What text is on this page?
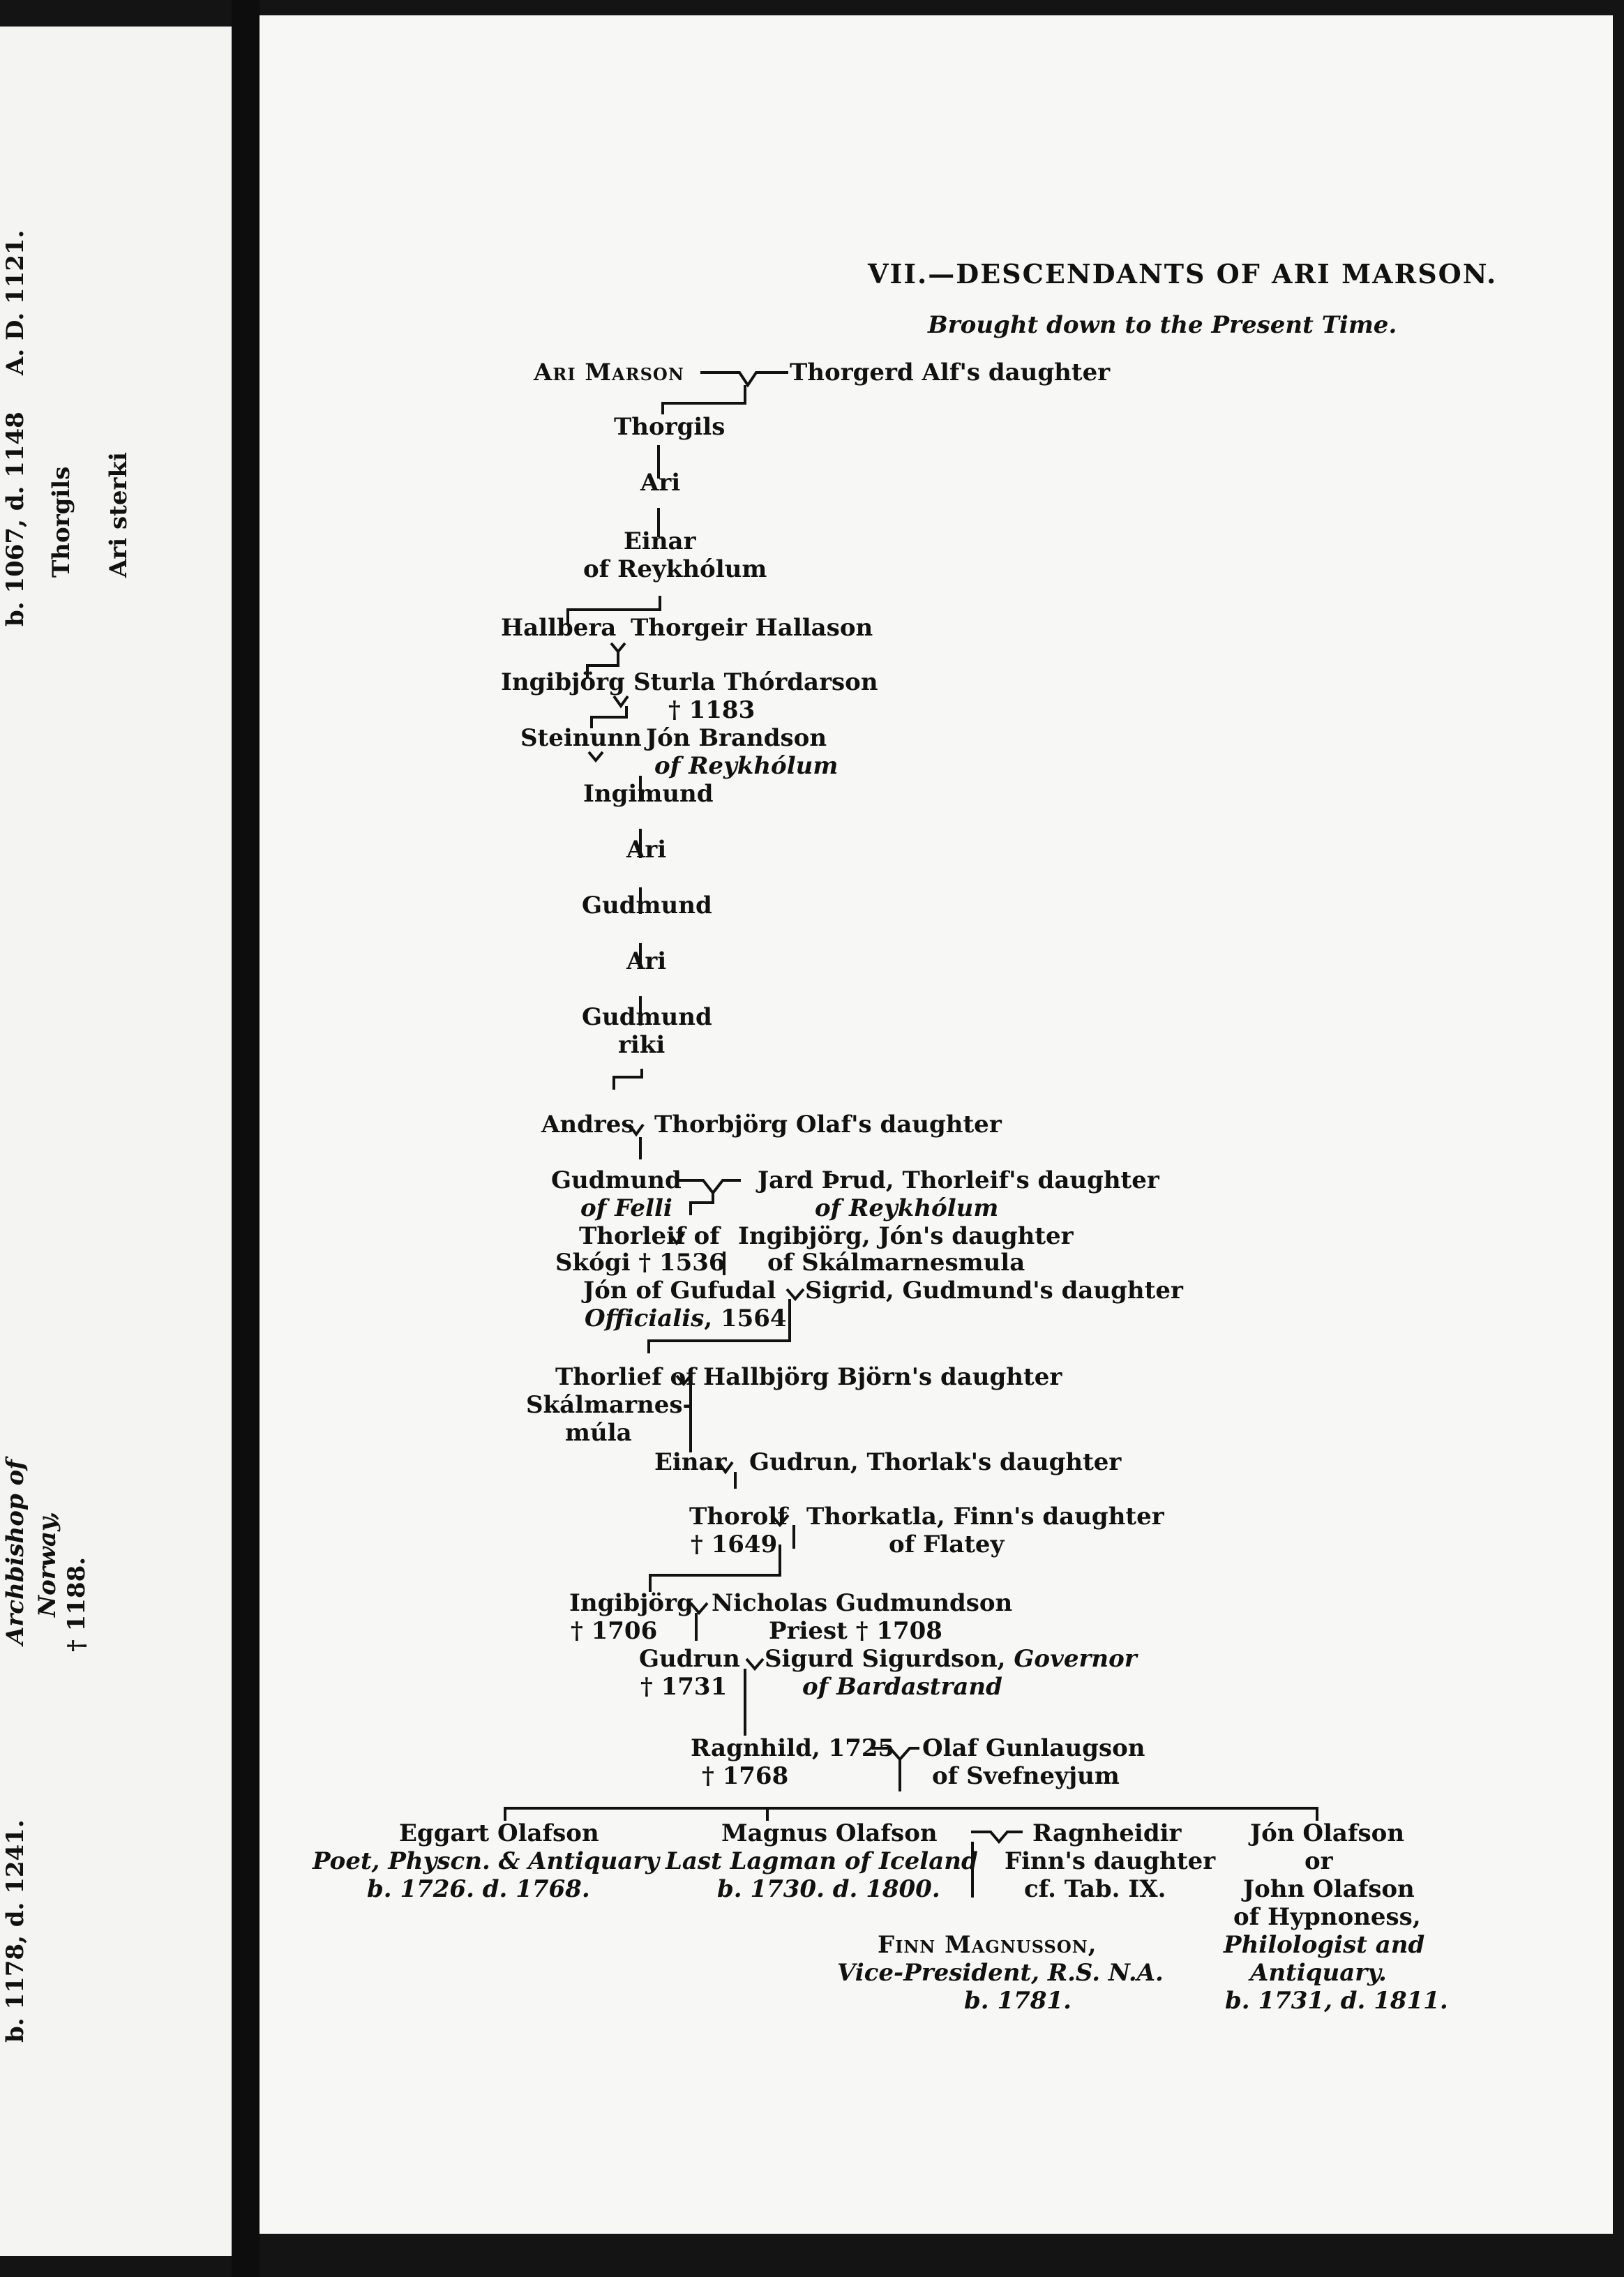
b. 1067, d. 1148
A. D. 1121.
Thorgils Ari sterki
Archbishop of Norway, † 1188.
b. 1178, d. 1241.
VII.—DESCENDANTS OF ARI MARSON.
Brought down to the Present Time.
Ari Marson	Thorgerd Alf's daughter
Thorgils
Ari
Einar
of Reykhólum
Hallbera Thorgeir Hallason
Ingibjörg Sturla Thórdarson
† 1183
Steinunn Jón Brandson
of Reykhólum
Ingimund
Ari
Gudmund
Ari
Gudmund
riki
Andres Thorbjörg Olaf's daughter
Gudmund
of Felli
Jard Þrud, Thorleif's daughter
of Reykhólum
Thorleif of
Skógi † 1536
Ingibjörg, Jón's daughter
of Skálmarnesmula
Jón of Gufudal
Officialis, 1564
Sigrid, Gudmund's daughter
Thorlief of
Skálmarnes-
múla
Hallbjörg Björn's daughter
Einar Gudrun, Thorlak's daughter
Thorolf
† 1649
Thorkatla, Finn's daughter
of Flatey
Ingibjörg
† 1706
Nicholas Gudmundson
Priest † 1708
Gudrun
† 1731
Sigurd Sigurdson, Governor
of Bardastrand
Ragnhild, 1725
† 1768
Olaf Gunlaugson
of Svefneyjum
Eggart Olafson
Poet, Physcn. & Antiquary
b. 1726. d. 1768.
Magnus Olafson
Last Lagman of Iceland
b. 1730. d. 1800.
Ragnheidir
Finn's daughter
cf. Tab. IX.
Jón Olafson
or
John Olafson
of Hypnoness,
Philologist and
Antiquary.
b. 1731, d. 1811.
Finn Magnusson,
Vice-President, R.S. N.A.
b. 1781.
